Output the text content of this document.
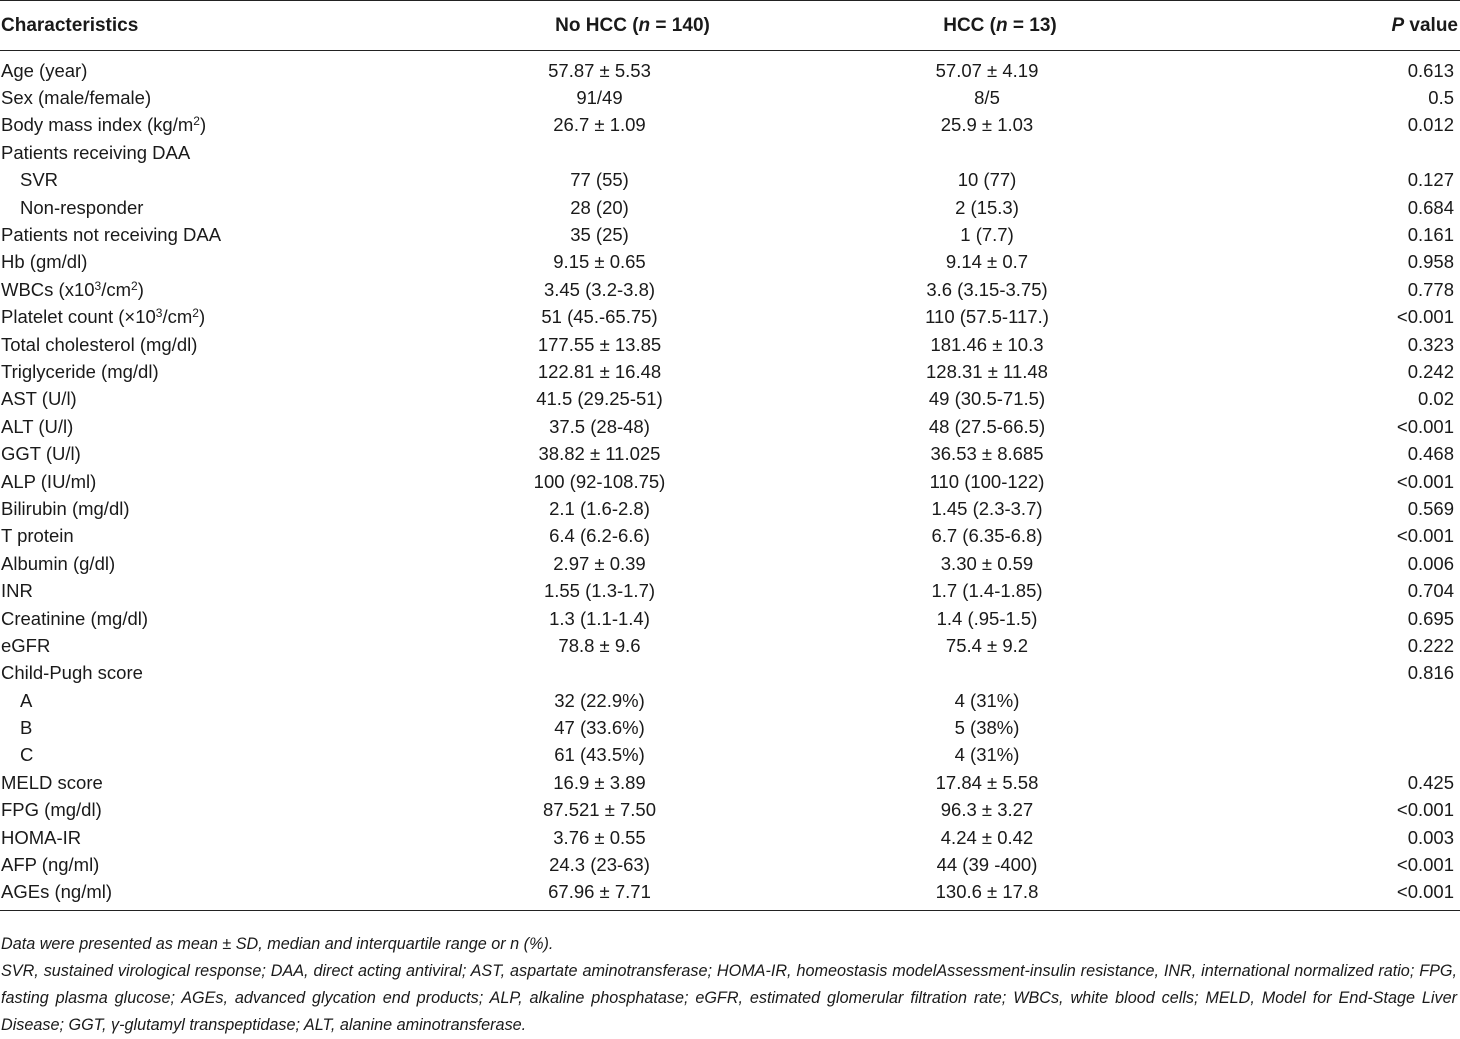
Characteristics	No HCC (n = 140)	HCC (n = 13)	P value
Age (year)	57.87 ± 5.53	57.07 ± 4.19	0.613
Sex (male/female)	91/49	8/5	0.5
Body mass index $(kg/m^2)$	26.7 ± 1.09	25.9 ± 1.03	0.012
Patients receiving DAA			
SVR	77 (55)	10 (77)	0.127
Non-responder	28 (20)	2 (15.3)	0.684
Patients not receiving DAA	35 (25)	1 (7.7)	0.161
Hb (gm/dl)	9.15 ± 0.65	9.14 ± 0.7	0.958
WBCs $(x10^3/cm^2)$	3.45 (3.2-3.8)	3.6 (3.15-3.75)	0.778
Platelet count $(\times 10^3/cm^2)$	51 (45.-65.75)	110 (57.5-117.)	<0.001
Total cholesterol (mg/dl)	177.55 ± 13.85	181.46 ± 10.3	0.323
Triglyceride (mg/dl)	122.81 ± 16.48	128.31 ± 11.48	0.242
AST (U/l)	41.5 (29.25-51)	49 (30.5-71.5)	0.02
ALT (U/l)	37.5 (28-48)	48 (27.5-66.5)	<0.001
GGT (U/l)	38.82 ± 11.025	36.53 ± 8.685	0.468
ALP (IU/ml)	100 (92-108.75)	110 (100-122)	<0.001
Bilirubin (mg/dl)	2.1 (1.6-2.8)	1.45 (2.3-3.7)	0.569
T protein	6.4 (6.2-6.6)	6.7 (6.35-6.8)	<0.001
Albumin (g/dl)	2.97 ± 0.39	3.30 ± 0.59	0.006
INR	1.55 (1.3-1.7)	1.7 (1.4-1.85)	0.704
Creatinine (mg/dl)	1.3 (1.1-1.4)	1.4 (.95-1.5)	0.695
eGFR	78.8 ± 9.6	75.4 ± 9.2	0.222
Child-Pugh score			0.816
A	32 (22.9%)	4 (31%)	
B	47 (33.6%)	5 (38%)	
C	61 (43.5%)	4 (31%)	
MELD score	16.9 ± 3.89	17.84 ± 5.58	0.425
FPG (mg/dl)	87.521 ± 7.50	96.3 ± 3.27	<0.001
HOMA-IR	3.76 ± 0.55	4.24 ± 0.42	0.003
AFP (ng/ml)	24.3 (23-63)	44 (39 -400)	<0.001
AGEs (ng/ml)	67.96 ± 7.71	130.6 ± 17.8	<0.001

Data were presented as mean ± SD, median and interquartile range or n (%).

SVR, sustained virological response; DAA, direct acting antiviral; AST, aspartate aminotransferase; HOMA-IR, homeostasis modelAssessment-insulin resistance, INR, international normalized ratio; FPG, fasting plasma glucose; AGEs, advanced glycation end products; ALP, alkaline phosphatase; eGFR, estimated glomerular filtration rate; WBCs, white blood cells; MELD, Model for End-Stage Liver Disease; GGT, γ-glutamyl transpeptidase; ALT, alanine aminotransferase.
